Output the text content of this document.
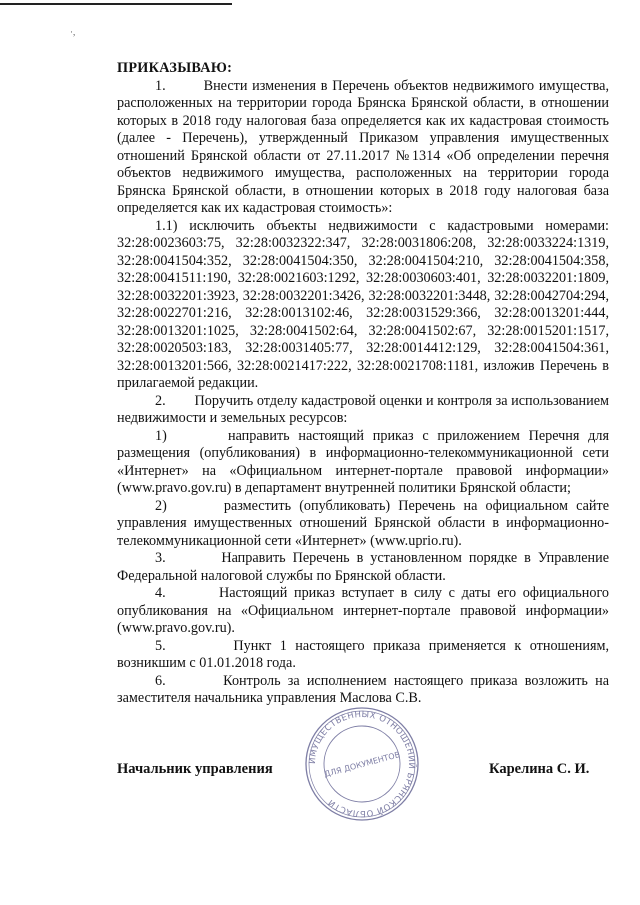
·,

ПРИКАЗЫВАЮ:

1.        Внести изменения в Перечень объектов недвижимого имущества, расположенных на территории города Брянска Брянской области, в отношении которых в 2018 году налоговая база определяется как их кадастровая стоимость (далее - Перечень), утвержденный Приказом управления имущественных отношений Брянской области от 27.11.2017 №1314 «Об определении перечня объектов недвижимого имущества, расположенных на территории города Брянска Брянской области, в отношении которых в 2018 году налоговая база определяется как их кадастровая стоимость»:

1.1) исключить объекты недвижимости с кадастровыми номерами: 32:28:0023603:75, 32:28:0032322:347, 32:28:0031806:208, 32:28:0033224:1319, 32:28:0041504:352, 32:28:0041504:350, 32:28:0041504:210, 32:28:0041504:358, 32:28:0041511:190, 32:28:0021603:1292, 32:28:0030603:401, 32:28:0032201:1809, 32:28:0032201:3923, 32:28:0032201:3426, 32:28:0032201:3448, 32:28:0042704:294, 32:28:0022701:216, 32:28:0013102:46, 32:28:0031529:366, 32:28:0013201:444, 32:28:0013201:1025, 32:28:0041502:64, 32:28:0041502:67, 32:28:0015201:1517, 32:28:0020503:183, 32:28:0031405:77, 32:28:0014412:129, 32:28:0041504:361, 32:28:0013201:566, 32:28:0021417:222, 32:28:0021708:1181, изложив Перечень в прилагаемой редакции.

2.        Поручить отделу кадастровой оценки и контроля за использованием недвижимости и земельных ресурсов:

1)       направить настоящий приказ с приложением Перечня для размещения (опубликования) в информационно-телекоммуникационной сети «Интернет» на «Официальном интернет-портале правовой информации» (www.pravo.gov.ru) в департамент внутренней политики Брянской области;

2)       разместить (опубликовать) Перечень на официальном сайте управления имущественных отношений Брянской области в информационно-телекоммуникационной сети «Интернет» (www.uprio.ru).

3.        Направить Перечень в установленном порядке в Управление Федеральной налоговой службы по Брянской области.

4.        Настоящий приказ вступает в силу с даты его официального опубликования на «Официальном интернет-портале правовой информации» (www.pravo.gov.ru).

5.        Пункт 1 настоящего приказа применяется к отношениям, возникшим с 01.01.2018 года.

6.        Контроль за исполнением настоящего приказа возложить на заместителя начальника управления Маслова С.В.

Начальник управления	Карелина С. И.
ИМУЩЕСТВЕННЫХ ОТНОШЕНИЙ БРЯНСКОЙ ОБЛАСТИ
ДЛЯ ДОКУМЕНТОВ
